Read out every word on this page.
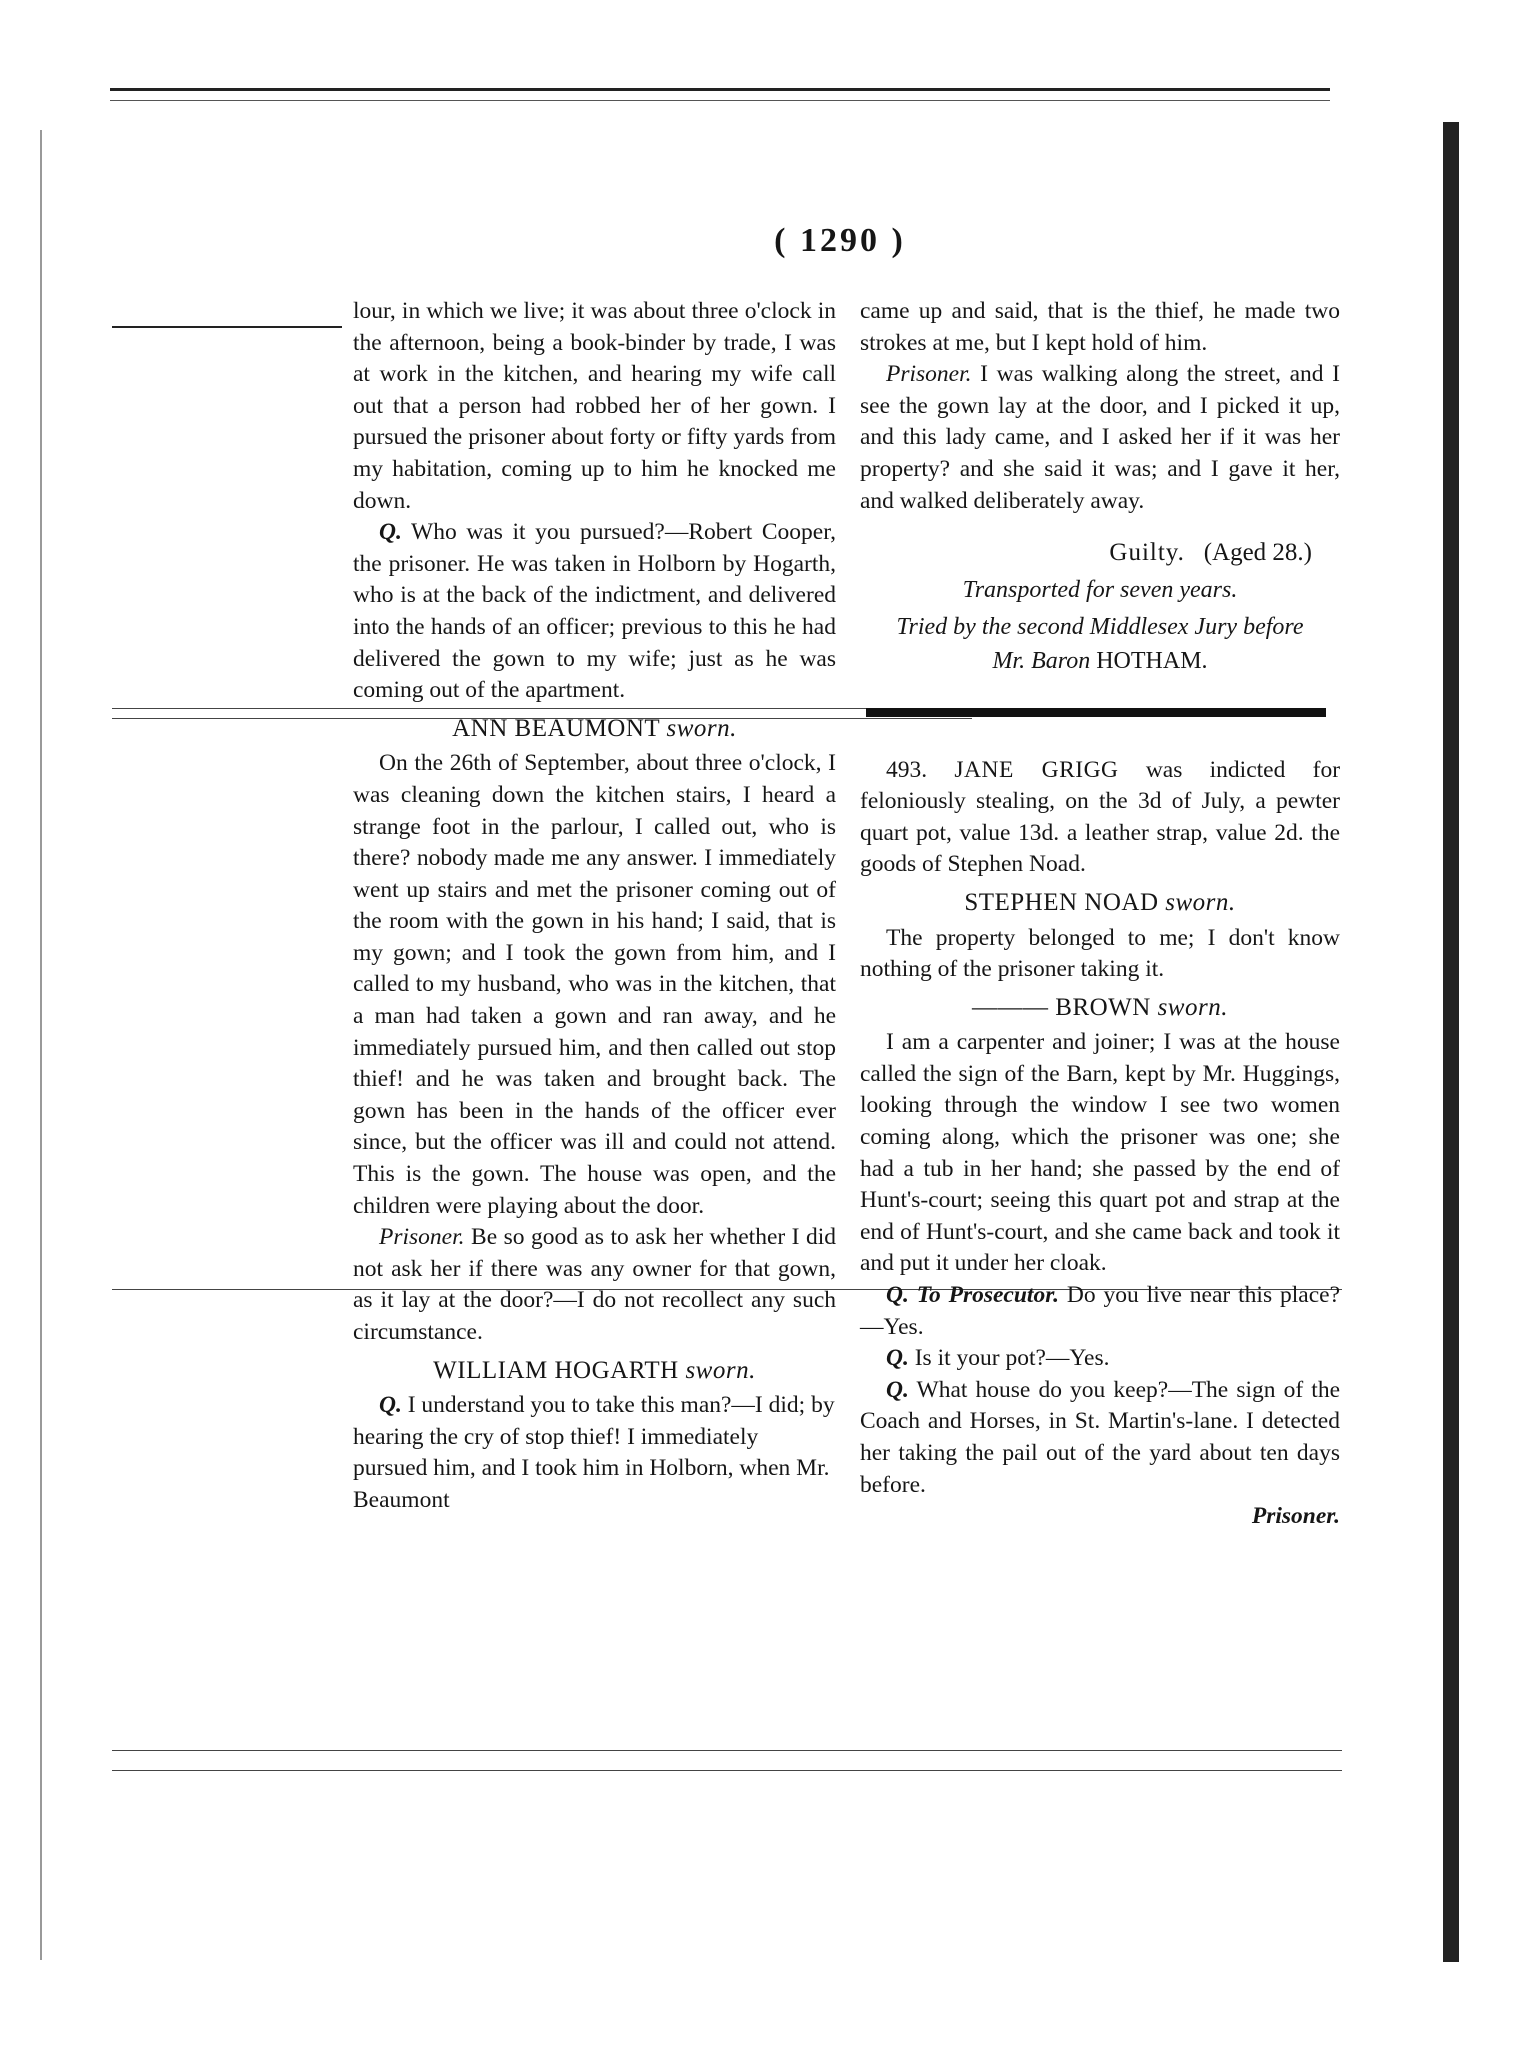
( 1290 )

lour, in which we live; it was about three o'clock in the afternoon, being a book-binder by trade, I was at work in the kitchen, and hearing my wife call out that a person had robbed her of her gown. I pursued the prisoner about forty or fifty yards from my habitation, coming up to him he knocked me down.

Q. Who was it you pursued?—Robert Cooper, the prisoner. He was taken in Holborn by Hogarth, who is at the back of the indictment, and delivered into the hands of an officer; previous to this he had delivered the gown to my wife; just as he was coming out of the apartment.

ANN BEAUMONT sworn.

On the 26th of September, about three o'clock, I was cleaning down the kitchen stairs, I heard a strange foot in the parlour, I called out, who is there? nobody made me any answer. I immediately went up stairs and met the prisoner coming out of the room with the gown in his hand; I said, that is my gown; and I took the gown from him, and I called to my husband, who was in the kitchen, that a man had taken a gown and ran away, and he immediately pursued him, and then called out stop thief! and he was taken and brought back. The gown has been in the hands of the officer ever since, but the officer was ill and could not attend. This is the gown. The house was open, and the children were playing about the door.

Prisoner. Be so good as to ask her whether I did not ask her if there was any owner for that gown, as it lay at the door?—I do not recollect any such circumstance.

WILLIAM HOGARTH sworn.

Q. I understand you to take this man?—I did; by hearing the cry of stop thief! I immediately pursued him, and I took him in Holborn, when Mr. Beaumont

came up and said, that is the thief, he made two strokes at me, but I kept hold of him.

Prisoner. I was walking along the street, and I see the gown lay at the door, and I picked it up, and this lady came, and I asked her if it was her property? and she said it was; and I gave it her, and walked deliberately away.

Guilty. (Aged 28.)
Transported for seven years.
Tried by the second Middlesex Jury before
Mr. Baron HOTHAM.

493. JANE GRIGG was indicted for feloniously stealing, on the 3d of July, a pewter quart pot, value 13d. a leather strap, value 2d. the goods of Stephen Noad.

STEPHEN NOAD sworn.

The property belonged to me; I don't know nothing of the prisoner taking it.

——— BROWN sworn.

I am a carpenter and joiner; I was at the house called the sign of the Barn, kept by Mr. Huggings, looking through the window I see two women coming along, which the prisoner was one; she had a tub in her hand; she passed by the end of Hunt's-court; seeing this quart pot and strap at the end of Hunt's-court, and she came back and took it and put it under her cloak.

Q. To Prosecutor. Do you live near this place?—Yes.

Q. Is it your pot?—Yes.

Q. What house do you keep?—The sign of the Coach and Horses, in St. Martin's-lane. I detected her taking the pail out of the yard about ten days before.

Prisoner.
